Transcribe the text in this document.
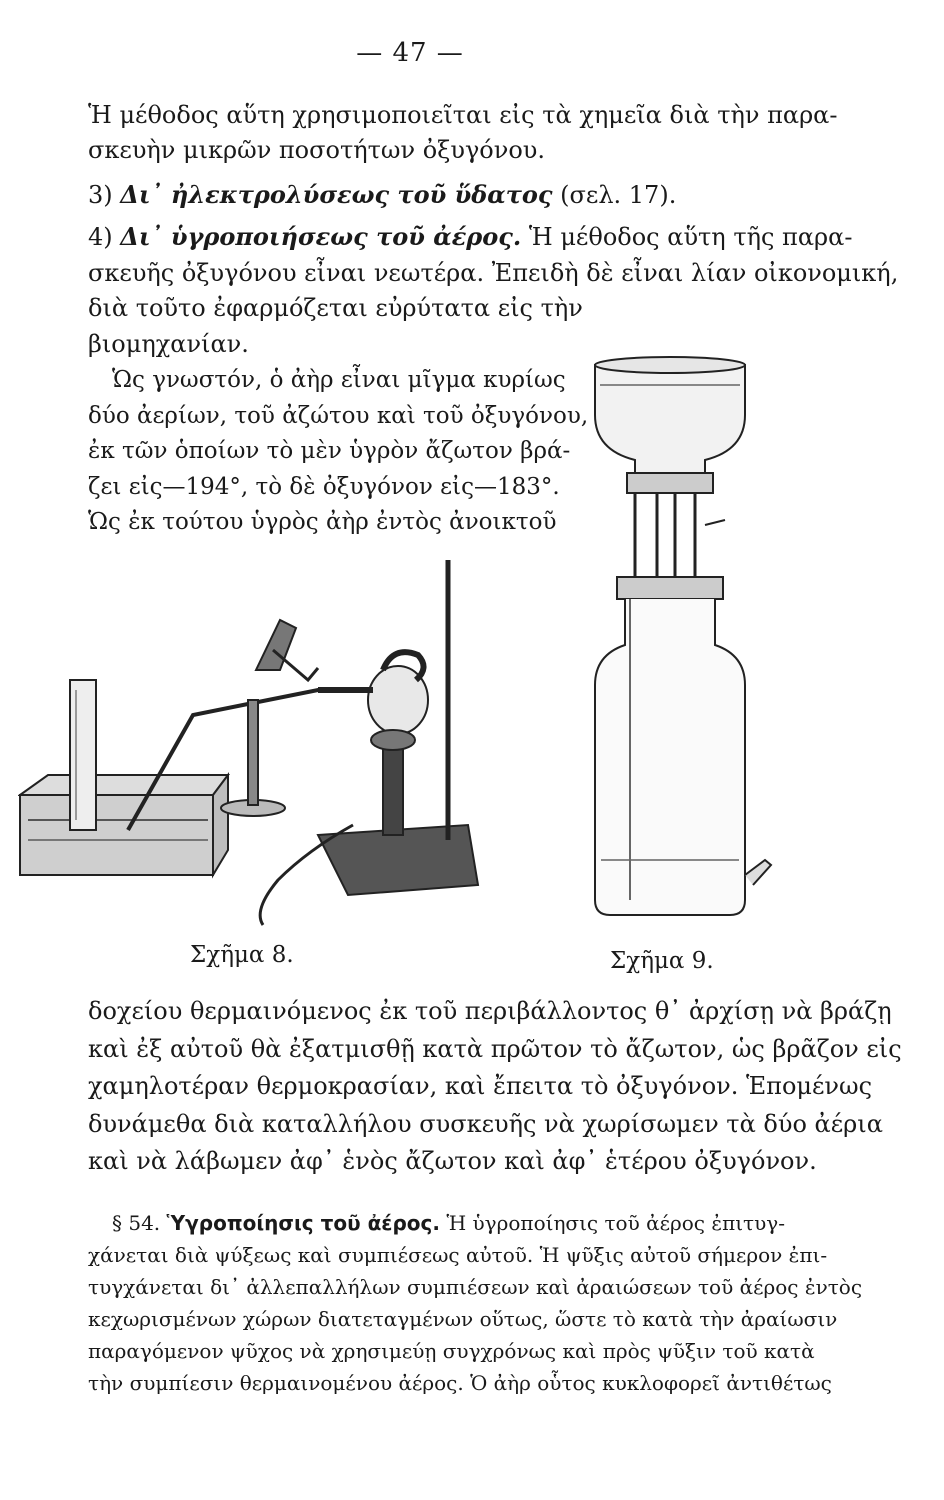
— 47 —
Ἡ μέθοδος αὕτη χρησιμοποιεῖται εἰς τὰ χημεῖα διὰ τὴν παρα-
σκευὴν μικρῶν ποσοτήτων ὀξυγόνου.
3) Δι᾽ ἠλεκτρολύσεως τοῦ ὕδατος (σελ. 17).
4) Δι᾽ ὑγροποιήσεως τοῦ ἀέρος. Ἡ μέθοδος αὕτη τῆς παρα-
σκευῆς ὀξυγόνου εἶναι νεωτέρα. Ἐπειδὴ δὲ εἶναι λίαν οἰκονομική,
διὰ τοῦτο ἐφαρμόζεται εὐρύτατα εἰς τὴν
βιομηχανίαν.
Ὡς γνωστόν, ὁ ἀὴρ εἶναι μῖγμα κυρίως
δύο ἀερίων, τοῦ ἀζώτου καὶ τοῦ ὀξυγόνου,
ἐκ τῶν ὁποίων τὸ μὲν ὑγρὸν ἄζωτον βρά-
ζει εἰς—194°, τὸ δὲ ὀξυγόνον εἰς—183°.
Ὡς ἐκ τούτου ὑγρὸς ἀὴρ ἐντὸς ἀνοικτοῦ
Σχῆμα 8.	Σχῆμα 9.
δοχείου θερμαινόμενος ἐκ τοῦ περιβάλλοντος θ᾽ ἀρχίσῃ νὰ βράζῃ
καὶ ἐξ αὐτοῦ θὰ ἐξατμισθῇ κατὰ πρῶτον τὸ ἄζωτον, ὡς βρᾶζον εἰς
χαμηλοτέραν θερμοκρασίαν, καὶ ἔπειτα τὸ ὀξυγόνον. Ἑπομένως
δυνάμεθα διὰ καταλλήλου συσκευῆς νὰ χωρίσωμεν τὰ δύο ἀέρια
καὶ νὰ λάβωμεν ἀφ᾽ ἑνὸς ἄζωτον καὶ ἀφ᾽ ἑτέρου ὀξυγόνον.
§ 54. Ὑγροποίησις τοῦ ἀέρος. Ἡ ὑγροποίησις τοῦ ἀέρος ἐπιτυγ-
χάνεται διὰ ψύξεως καὶ συμπιέσεως αὐτοῦ. Ἡ ψῦξις αὐτοῦ σήμερον ἐπι-
τυγχάνεται δι᾽ ἀλλεπαλλήλων συμπιέσεων καὶ ἀραιώσεων τοῦ ἀέρος ἐντὸς
κεχωρισμένων χώρων διατεταγμένων οὕτως, ὥστε τὸ κατὰ τὴν ἀραίωσιν
παραγόμενον ψῦχος νὰ χρησιμεύῃ συγχρόνως καὶ πρὸς ψῦξιν τοῦ κατὰ
τὴν συμπίεσιν θερμαινομένου ἀέρος. Ὁ ἀὴρ οὗτος κυκλοφορεῖ ἀντιθέτως
